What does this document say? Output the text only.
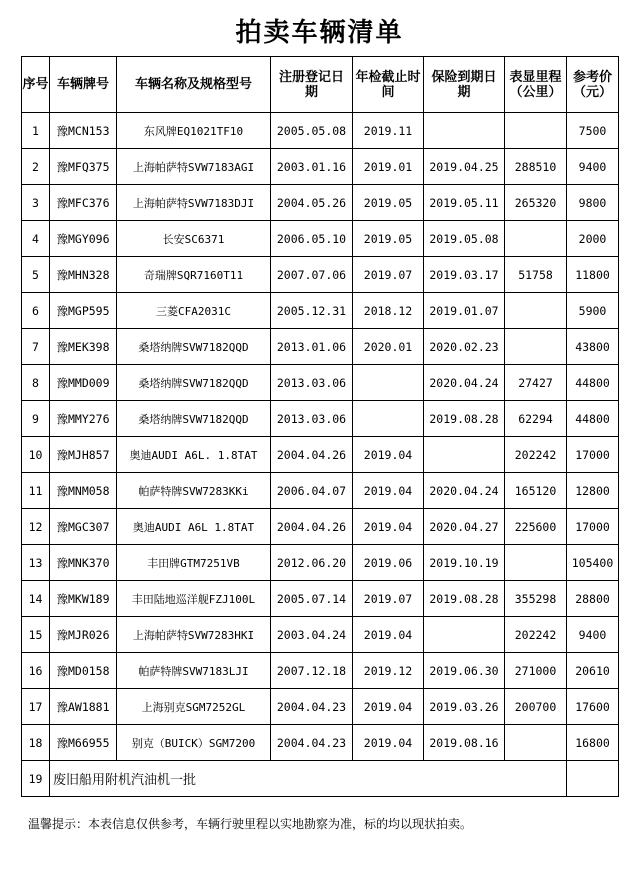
拍卖车辆清单
序号	车辆牌号	车辆名称及规格型号	注册登记日　期	年检截止时　间	保险到期日　期	表显里程（公里）	参考价（元）
1	豫MCN153	东风牌EQ1021TF10	2005.05.08	2019.11			7500
2	豫MFQ375	上海帕萨特SVW7183AGI	2003.01.16	2019.01	2019.04.25	288510	9400
3	豫MFC376	上海帕萨特SVW7183DJI	2004.05.26	2019.05	2019.05.11	265320	9800
4	豫MGY096	长安SC6371	2006.05.10	2019.05	2019.05.08		2000
5	豫MHN328	奇瑞牌SQR7160T11	2007.07.06	2019.07	2019.03.17	51758	11800
6	豫MGP595	三菱CFA2031C	2005.12.31	2018.12	2019.01.07		5900
7	豫MEK398	桑塔纳牌SVW7182QQD	2013.01.06	2020.01	2020.02.23		43800
8	豫MMD009	桑塔纳牌SVW7182QQD	2013.03.06		2020.04.24	27427	44800
9	豫MMY276	桑塔纳牌SVW7182QQD	2013.03.06		2019.08.28	62294	44800
10	豫MJH857	奥迪AUDI A6L. 1.8TAT	2004.04.26	2019.04		202242	17000
11	豫MNM058	帕萨特牌SVW7283KKi	2006.04.07	2019.04	2020.04.24	165120	12800
12	豫MGC307	奥迪AUDI A6L 1.8TAT	2004.04.26	2019.04	2020.04.27	225600	17000
13	豫MNK370	丰田牌GTM7251VB	2012.06.20	2019.06	2019.10.19		105400
14	豫MKW189	丰田陆地巡洋舰FZJ100L	2005.07.14	2019.07	2019.08.28	355298	28800
15	豫MJR026	上海帕萨特SVW7283HKI	2003.04.24	2019.04		202242	9400
16	豫MD0158	帕萨特牌SVW7183LJI	2007.12.18	2019.12	2019.06.30	271000	20610
17	豫AW1881	上海别克SGM7252GL	2004.04.23	2019.04	2019.03.26	200700	17600
18	豫M66955	别克（BUICK）SGM7200	2004.04.23	2019.04	2019.08.16		16800
19	废旧船用附机汽油机一批						
温馨提示：本表信息仅供参考，车辆行驶里程以实地勘察为准，标的均以现状拍卖。
